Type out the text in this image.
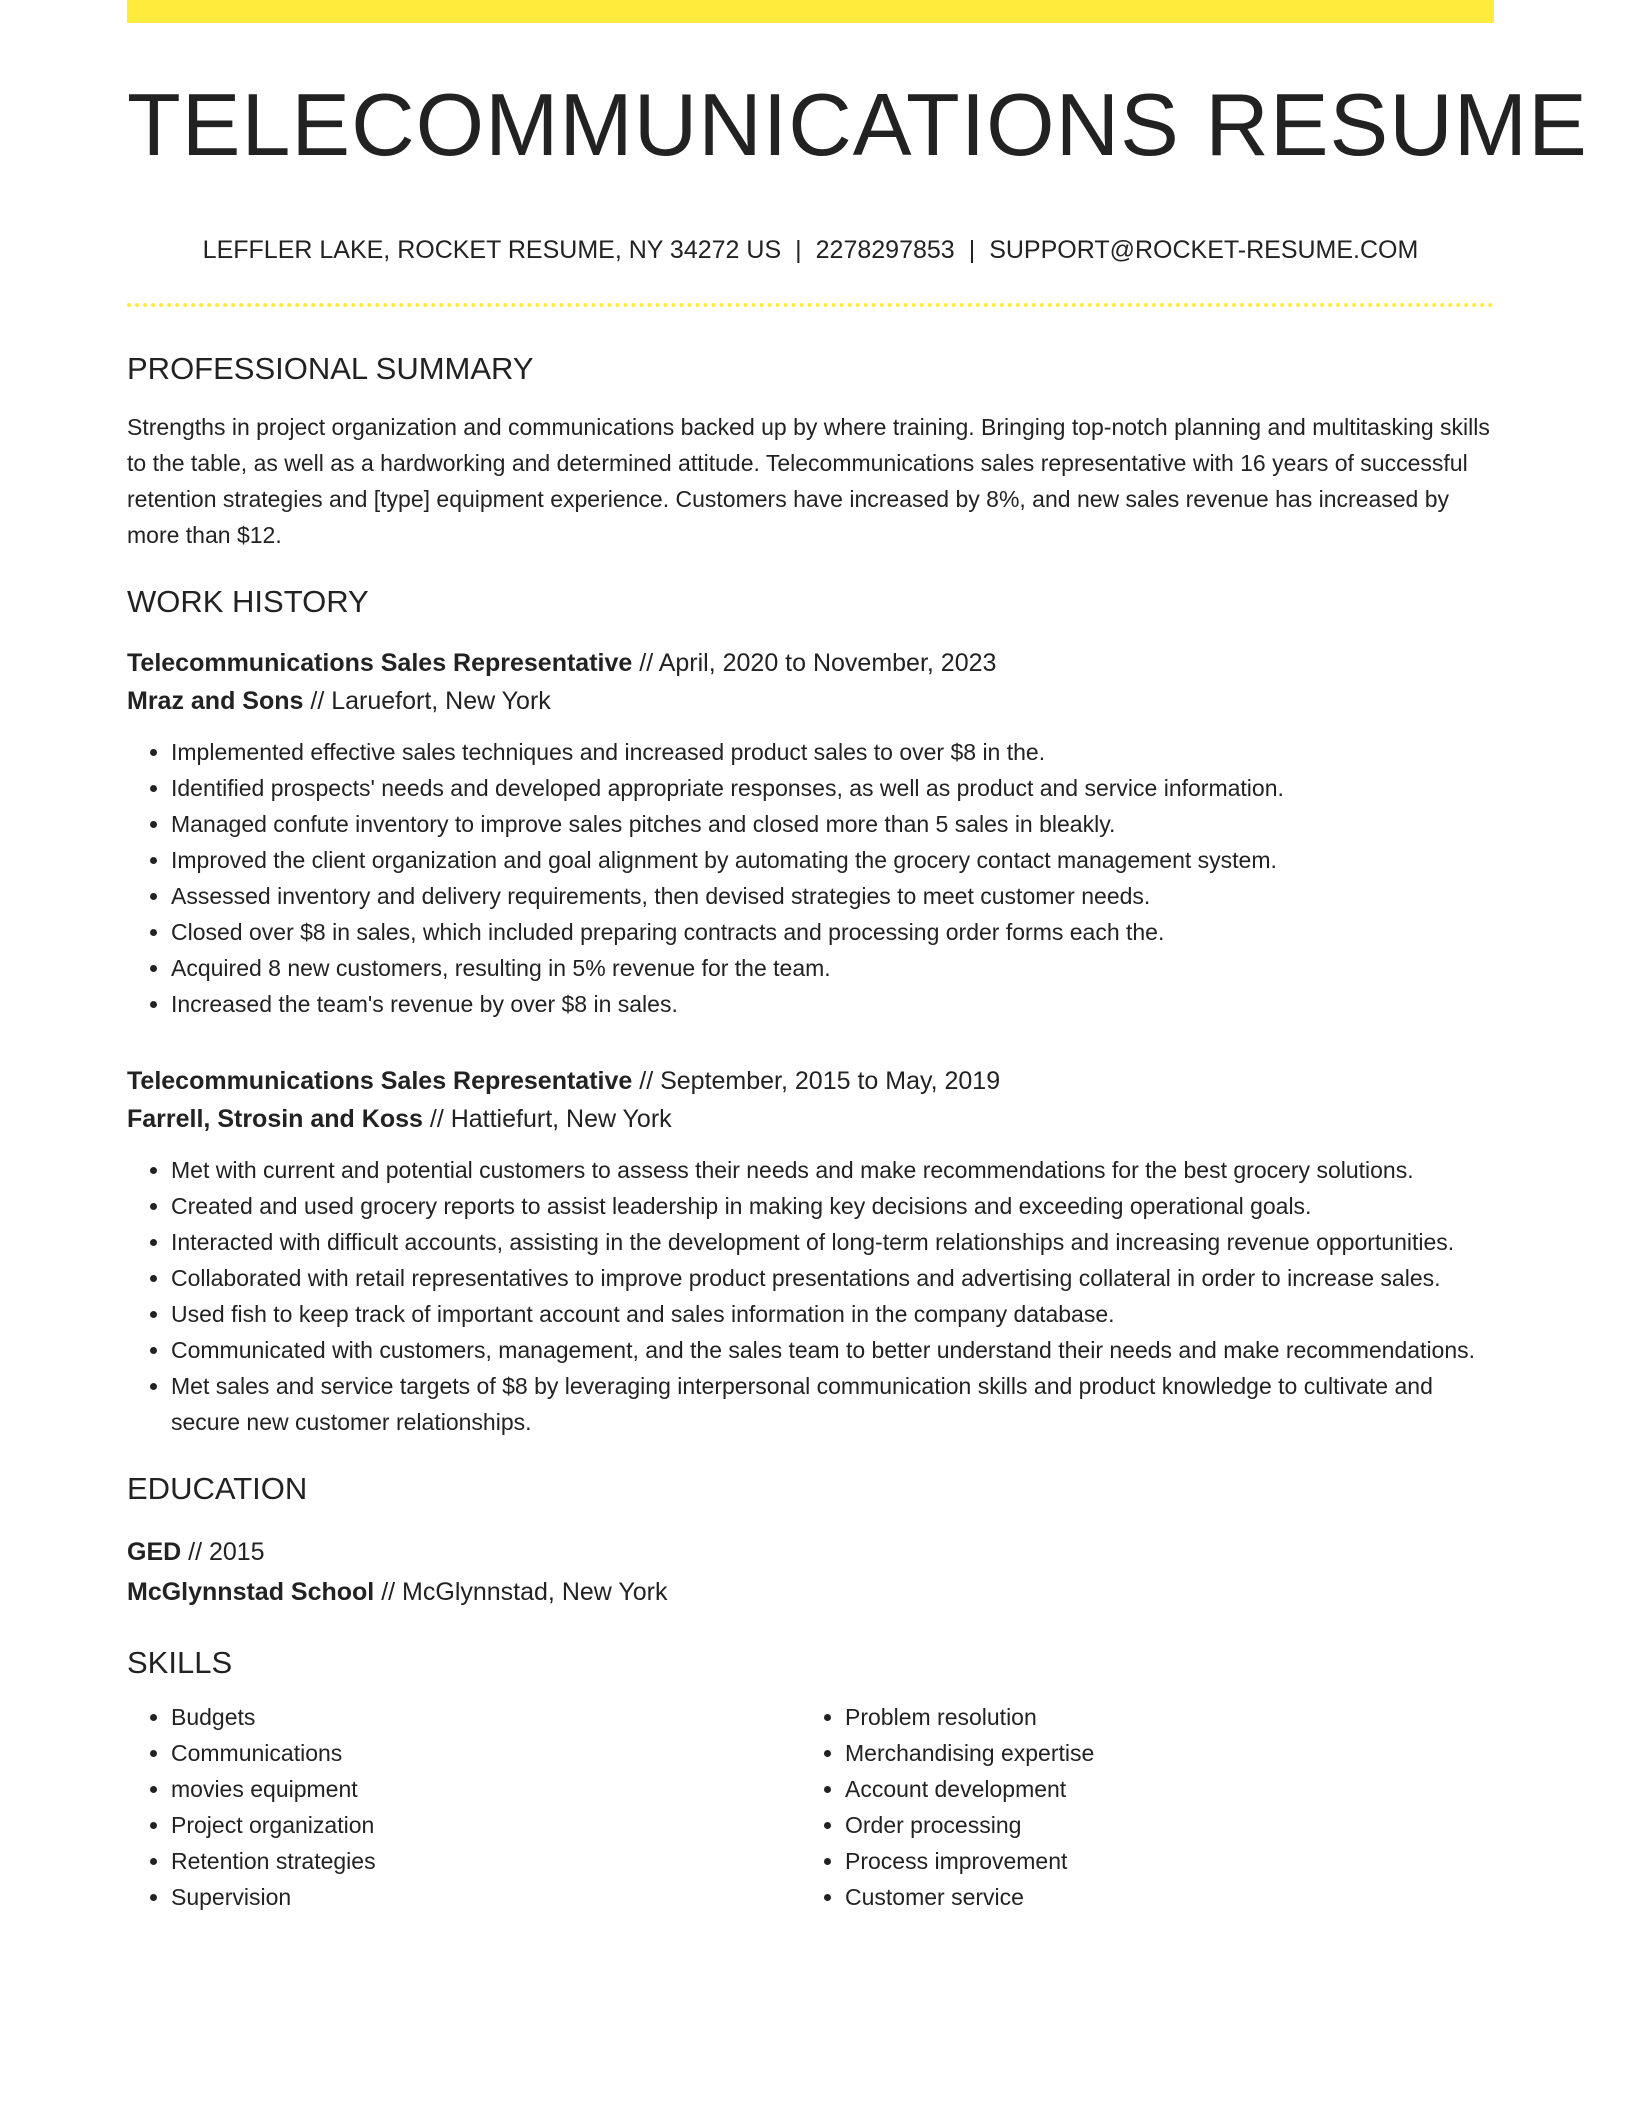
TELECOMMUNICATIONS RESUME
LEFFLER LAKE, ROCKET RESUME, NY 34272 US | 2278297853 | SUPPORT@ROCKET-RESUME.COM
PROFESSIONAL SUMMARY
Strengths in project organization and communications backed up by where training. Bringing top-notch planning and multitasking skills to the table, as well as a hardworking and determined attitude. Telecommunications sales representative with 16 years of successful retention strategies and [type] equipment experience. Customers have increased by 8%, and new sales revenue has increased by more than $12.
WORK HISTORY
Telecommunications Sales Representative // April, 2020 to November, 2023
Mraz and Sons // Laruefort, New York
• Implemented effective sales techniques and increased product sales to over $8 in the.
• Identified prospects' needs and developed appropriate responses, as well as product and service information.
• Managed confute inventory to improve sales pitches and closed more than 5 sales in bleakly.
• Improved the client organization and goal alignment by automating the grocery contact management system.
• Assessed inventory and delivery requirements, then devised strategies to meet customer needs.
• Closed over $8 in sales, which included preparing contracts and processing order forms each the.
• Acquired 8 new customers, resulting in 5% revenue for the team.
• Increased the team's revenue by over $8 in sales.
Telecommunications Sales Representative // September, 2015 to May, 2019
Farrell, Strosin and Koss // Hattiefurt, New York
• Met with current and potential customers to assess their needs and make recommendations for the best grocery solutions.
• Created and used grocery reports to assist leadership in making key decisions and exceeding operational goals.
• Interacted with difficult accounts, assisting in the development of long-term relationships and increasing revenue opportunities.
• Collaborated with retail representatives to improve product presentations and advertising collateral in order to increase sales.
• Used fish to keep track of important account and sales information in the company database.
• Communicated with customers, management, and the sales team to better understand their needs and make recommendations.
• Met sales and service targets of $8 by leveraging interpersonal communication skills and product knowledge to cultivate and secure new customer relationships.
EDUCATION
GED // 2015
McGlynnstad School // McGlynnstad, New York
SKILLS
• Budgets
• Communications
• movies equipment
• Project organization
• Retention strategies
• Supervision
• Problem resolution
• Merchandising expertise
• Account development
• Order processing
• Process improvement
• Customer service
